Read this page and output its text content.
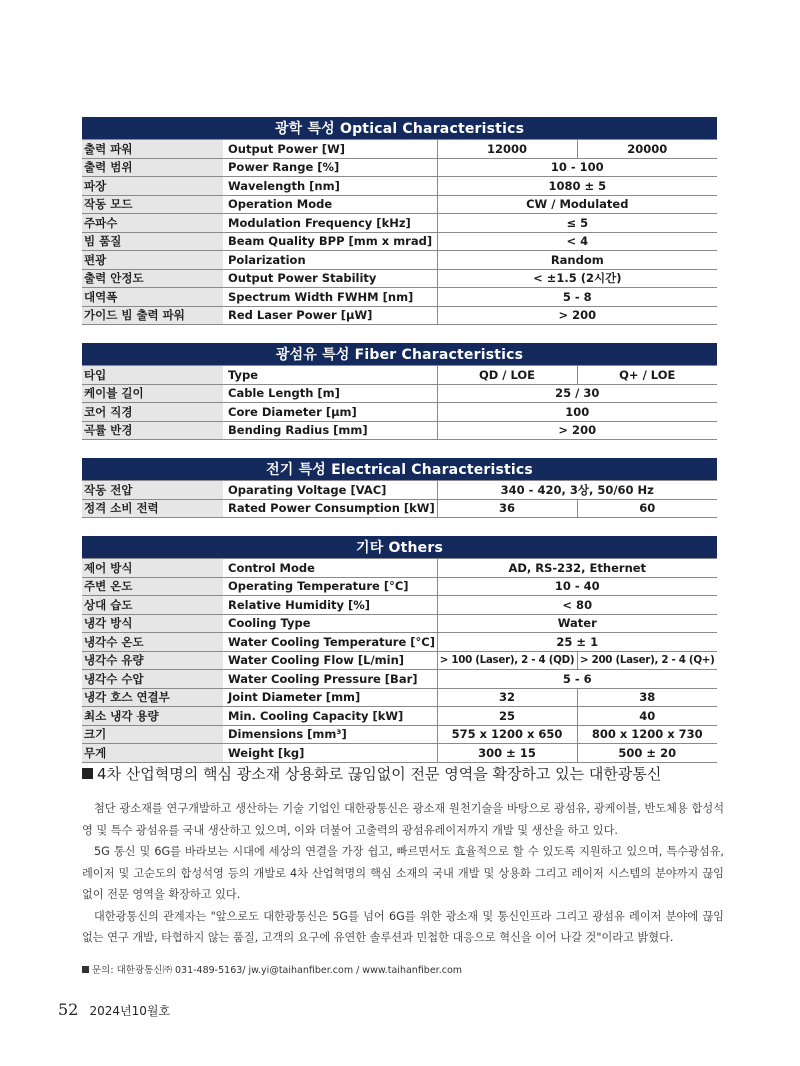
광학 특성 Optical Characteristics			
출력 파워	Output Power [W]	12000	20000
출력 범위	Power Range [%]	10 - 100	
파장	Wavelength [nm]	1080 ± 5	
작동 모드	Operation Mode	CW / Modulated	
주파수	Modulation Frequency [kHz]	≤ 5	
빔 품질	Beam Quality BPP [mm x mrad]	< 4	
편광	Polarization	Random	
출력 안정도	Output Power Stability	< ±1.5 (2시간)	
대역폭	Spectrum Width FWHM [nm]	5 - 8	
가이드 빔 출력 파워	Red Laser Power [μW]	> 200	
광섬유 특성 Fiber Characteristics			
타입	Type	QD / LOE	Q+ / LOE
케이블 길이	Cable Length [m]	25 / 30	
코어 직경	Core Diameter [μm]	100	
곡률 반경	Bending Radius [mm]	> 200	
전기 특성 Electrical Characteristics			
작동 전압	Oparating Voltage [VAC]	340 - 420, 3상, 50/60 Hz	
정격 소비 전력	Rated Power Consumption [kW]	36	60
기타 Others			
제어 방식	Control Mode	AD, RS-232, Ethernet	
주변 온도	Operating Temperature [°C]	10 - 40	
상대 습도	Relative Humidity [%]	< 80	
냉각 방식	Cooling Type	Water	
냉각수 온도	Water Cooling Temperature [°C]	25 ± 1	
냉각수 유량	Water Cooling Flow [L/min]	> 100 (Laser), 2 - 4 (QD)	> 200 (Laser), 2 - 4 (Q+)
냉각수 수압	Water Cooling Pressure [Bar]	5 - 6	
냉각 호스 연결부	Joint Diameter [mm]	32	38
최소 냉각 용량	Min. Cooling Capacity [kW]	25	40
크기	Dimensions [mm³]	575 x 1200 x 650	800 x 1200 x 730
무게	Weight [kg]	300 ± 15	500 ± 20
4차 산업혁명의 핵심 광소재 상용화로 끊임없이 전문 영역을 확장하고 있는 대한광통신

첨단 광소재를 연구개발하고 생산하는 기술 기업인 대한광통신은 광소재 원천기술을 바탕으로 광섬유, 광케이블, 반도체용 합성석영 및 특수 광섬유를 국내 생산하고 있으며, 이와 더불어 고출력의 광섬유레이저까지 개발 및 생산을 하고 있다.

5G 통신 및 6G를 바라보는 시대에 세상의 연결을 가장 쉽고, 빠르면서도 효율적으로 할 수 있도록 지원하고 있으며, 특수광섬유, 레이저 및 고순도의 합성석영 등의 개발로 4차 산업혁명의 핵심 소재의 국내 개발 및 상용화 그리고 레이저 시스템의 분야까지 끊임없이 전문 영역을 확장하고 있다.

대한광통신의 관계자는 "앞으로도 대한광통신은 5G를 넘어 6G를 위한 광소재 및 통신인프라 그리고 광섬유 레이저 분야에 끊임없는 연구 개발, 타협하지 않는 품질, 고객의 요구에 유연한 솔루션과 민첩한 대응으로 혁신을 이어 나갈 것"이라고 밝혔다.

문의: 대한광통신㈜ 031-489-5163/ jw.yi@taihanfiber.com / www.taihanfiber.com
52 2024년10월호
